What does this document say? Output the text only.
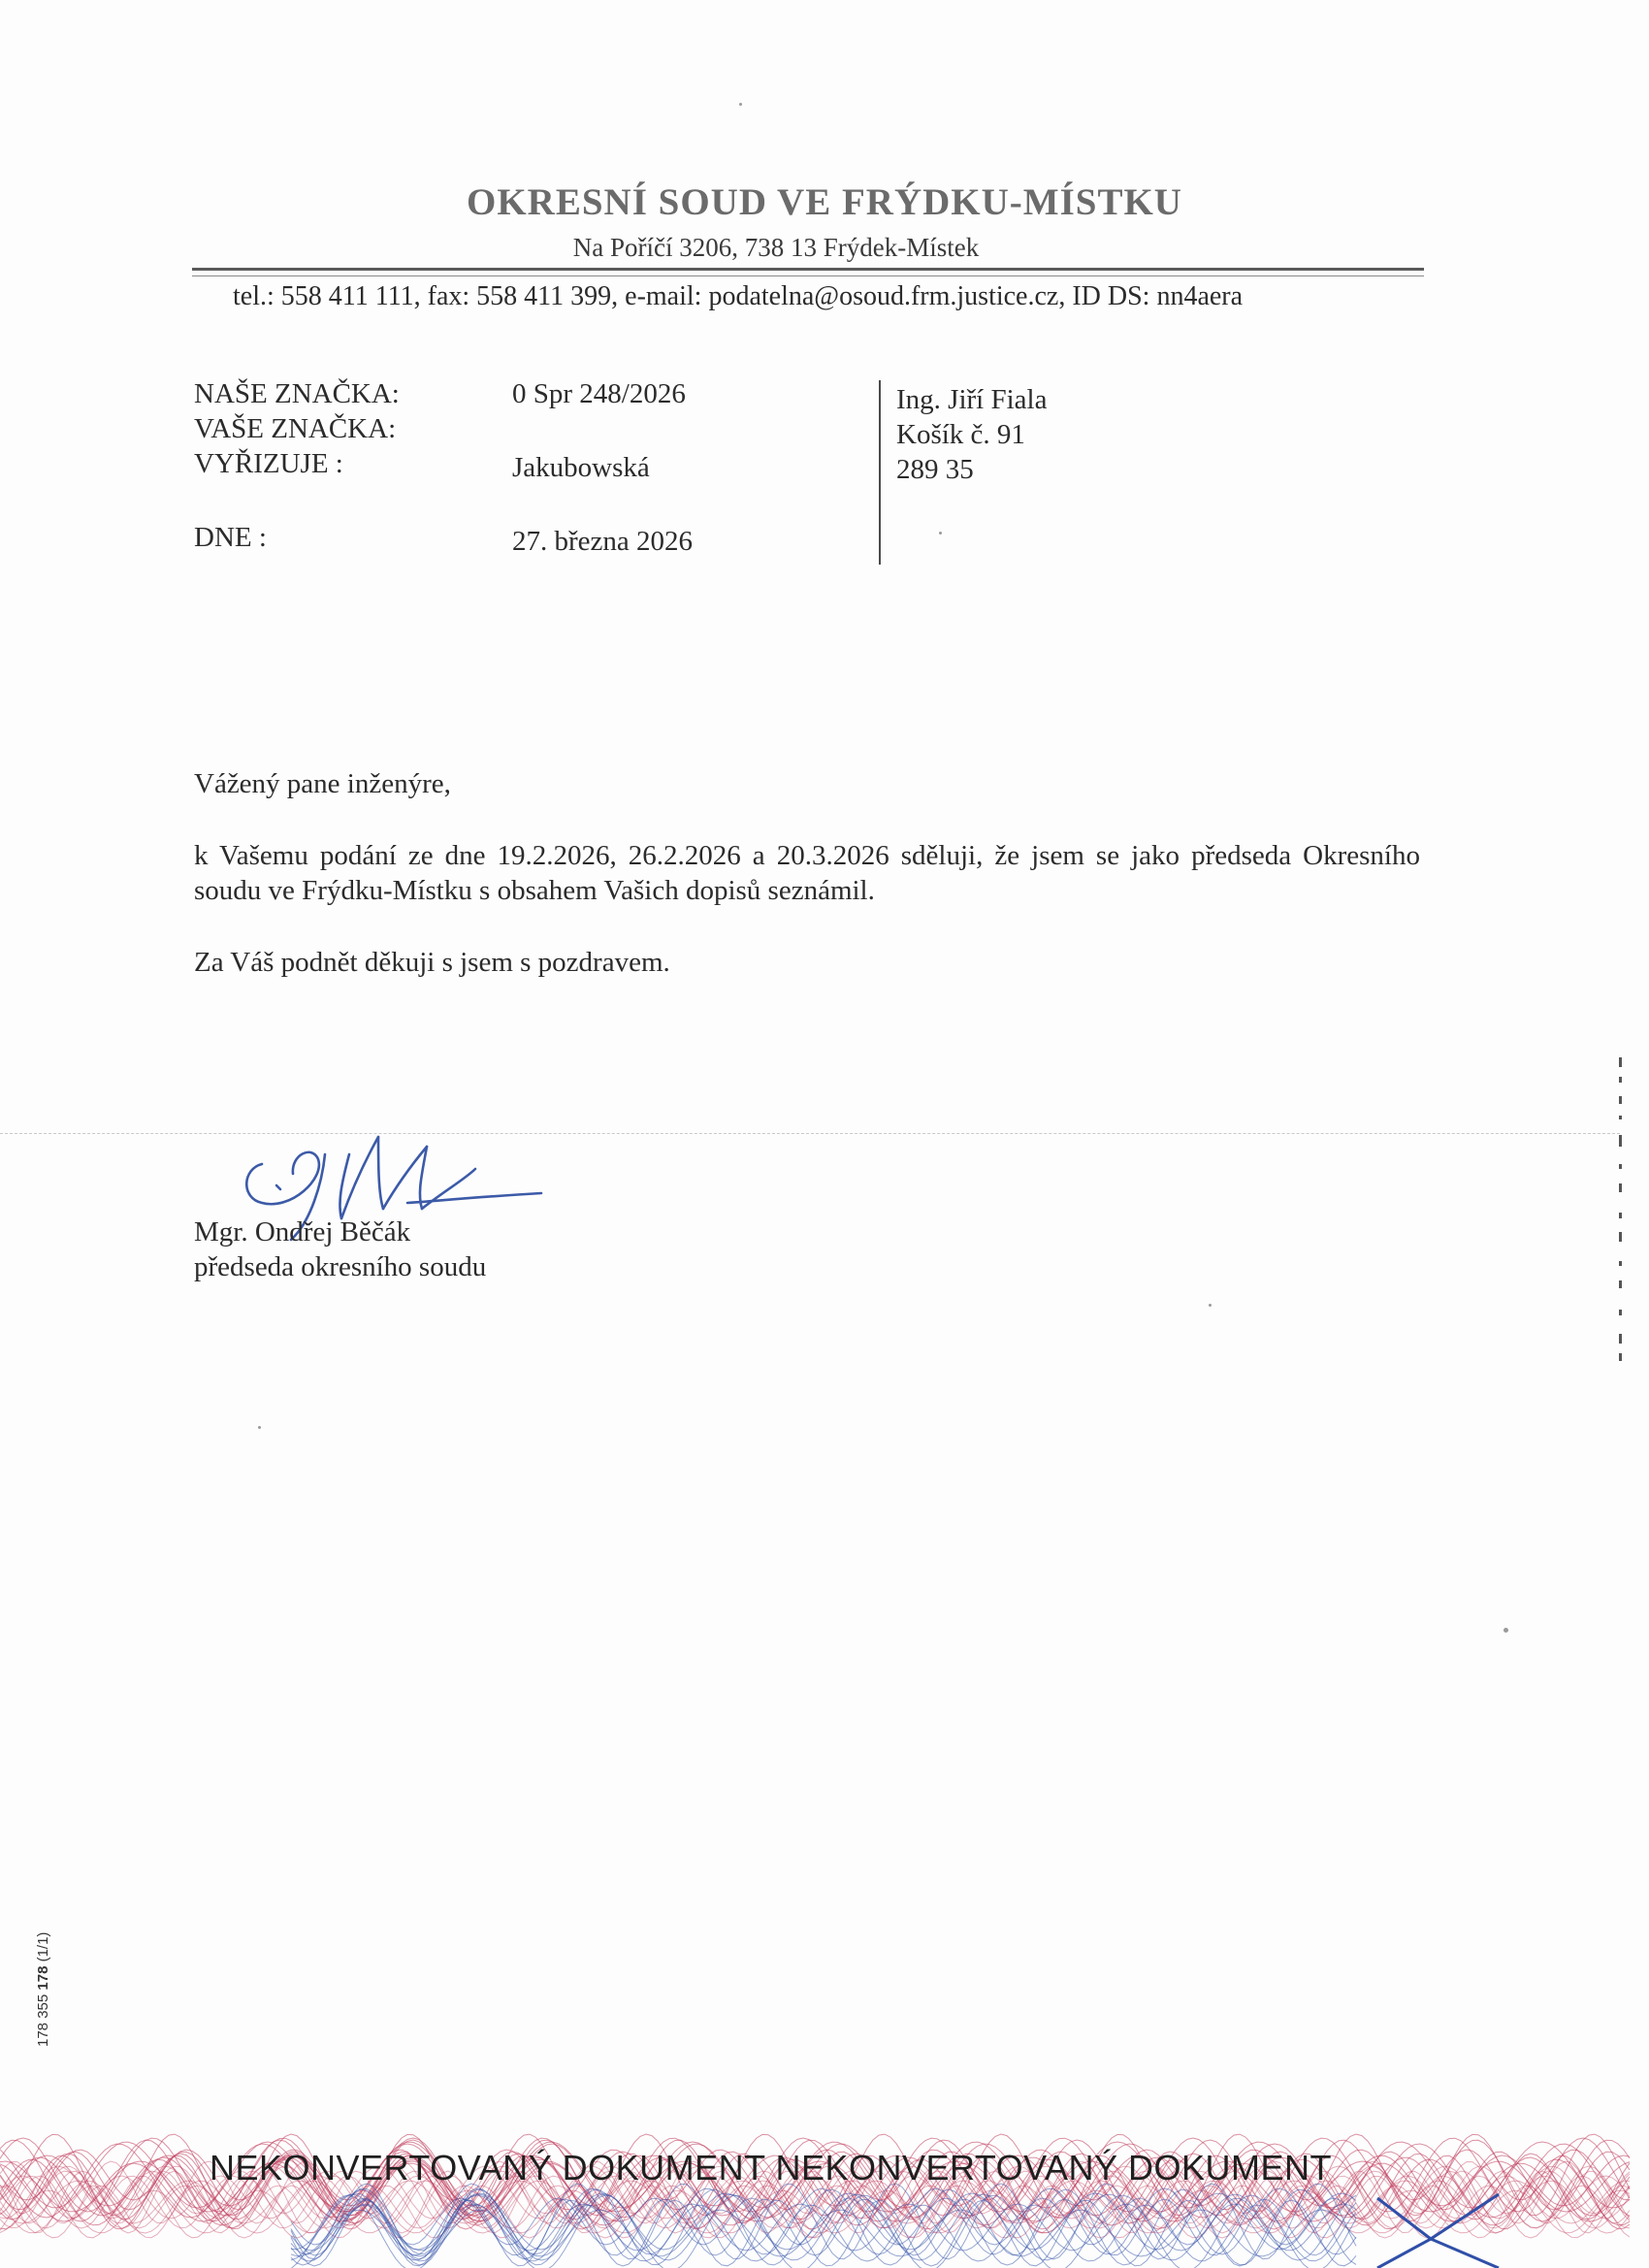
OKRESNÍ SOUD VE FRÝDKU-MÍSTKU
Na Poříčí 3206, 738 13 Frýdek-Místek
tel.: 558 411 111, fax: 558 411 399, e-mail: podatelna@osoud.frm.justice.cz, ID DS: nn4aera
NAŠE ZNAČKA:	0 Spr 248/2026
VAŠE ZNAČKA:
VYŘIZUJE :	Jakubowská
DNE :	27. března 2026
Ing. Jiří Fiala
Košík č. 91
289 35
Vážený pane inženýre,
k Vašemu podání ze dne 19.2.2026, 26.2.2026 a 20.3.2026 sděluji, že jsem se jako předseda Okresního soudu ve Frýdku-Místku s obsahem Vašich dopisů seznámil.
Za Váš podnět děkuji s jsem s pozdravem.
Mgr. Ondřej Běčák
předseda okresního soudu
178 355 178 (1/1)
NEKONVERTOVANÝ DOKUMENT NEKONVERTOVANÝ DOKUMENT
